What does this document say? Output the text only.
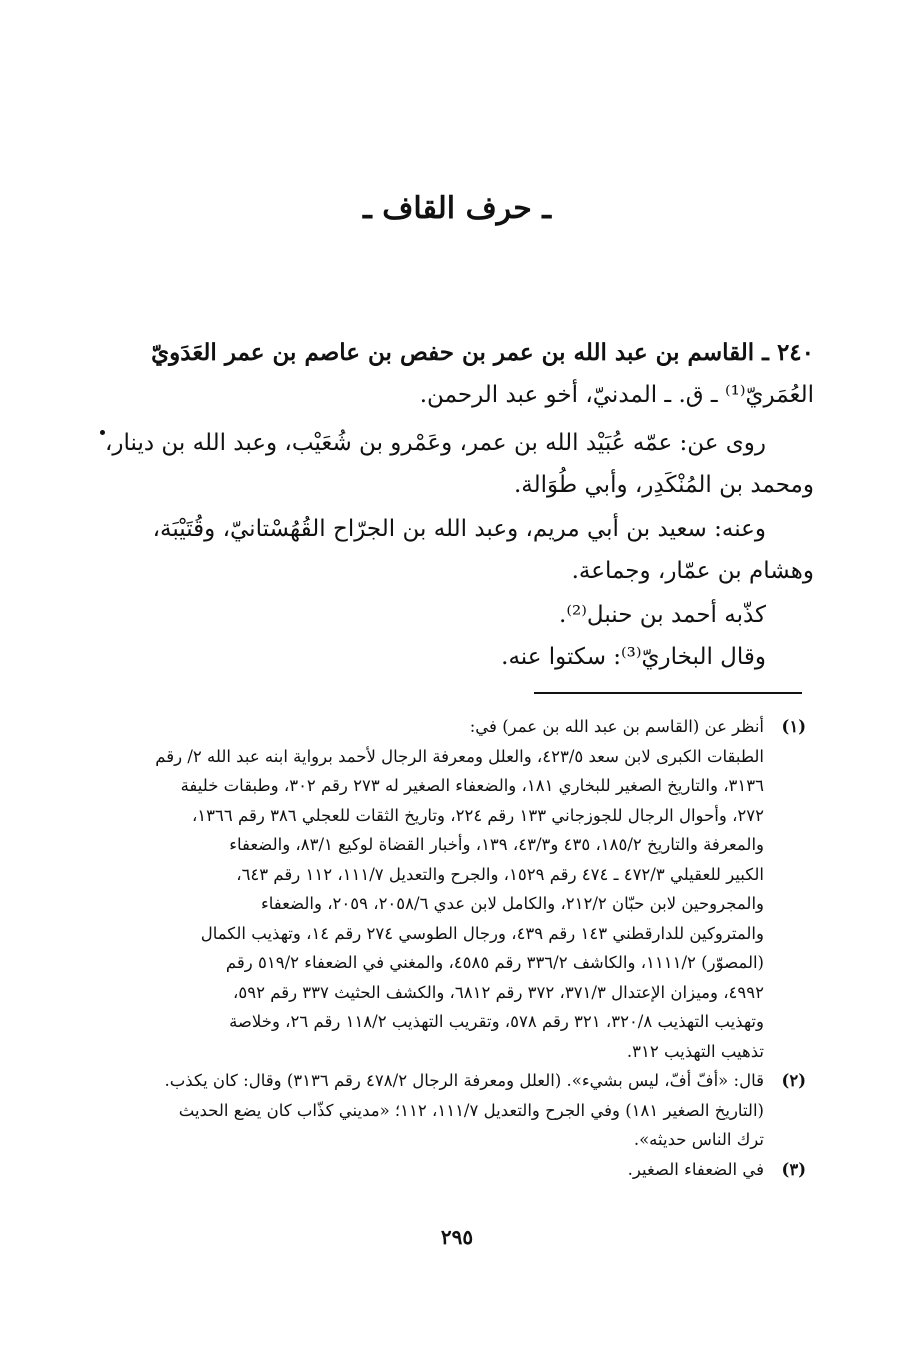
ـ حرف القاف ـ
٢٤٠ ـ القاسم بن عبد الله بن عمر بن حفص بن عاصم بن عمر العَدَويّ
العُمَريّ⁽¹⁾ ـ ق. ـ المدنيّ، أخو عبد الرحمن.
روى عن: عمّه عُبَيْد الله بن عمر، وعَمْرو بن شُعَيْب، وعبد الله بن دينار،
ومحمد بن المُنْكَدِر، وأبي طُوَالة.
وعنه: سعيد بن أبي مريم، وعبد الله بن الجرّاح القُهُسْتانيّ، وقُتَيْبَة،
وهشام بن عمّار، وجماعة.
كذّبه أحمد بن حنبل⁽²⁾.
وقال البخاريّ⁽³⁾: سكتوا عنه.
(١)
أنظر عن (القاسم بن عبد الله بن عمر) في:
الطبقات الكبرى لابن سعد ٤٢٣/٥، والعلل ومعرفة الرجال لأحمد برواية ابنه عبد الله ٢/ رقم
٣١٣٦، والتاريخ الصغير للبخاري ١٨١، والضعفاء الصغير له ٢٧٣ رقم ٣٠٢، وطبقات خليفة
٢٧٢، وأحوال الرجال للجوزجاني ١٣٣ رقم ٢٢٤، وتاريخ الثقات للعجلي ٣٨٦ رقم ١٣٦٦،
والمعرفة والتاريخ ١٨٥/٢، ٤٣٥ و٤٣/٣، ١٣٩، وأخبار القضاة لوكيع ٨٣/١، والضعفاء
الكبير للعقيلي ٤٧٢/٣ ـ ٤٧٤ رقم ١٥٢٩، والجرح والتعديل ١١١/٧، ١١٢ رقم ٦٤٣،
والمجروحين لابن حبّان ٢١٢/٢، والكامل لابن عدي ٢٠٥٨/٦، ٢٠٥٩، والضعفاء
والمتروكين للدارقطني ١٤٣ رقم ٤٣٩، ورجال الطوسي ٢٧٤ رقم ١٤، وتهذيب الكمال
(المصوّر) ١١١١/٢، والكاشف ٣٣٦/٢ رقم ٤٥٨٥، والمغني في الضعفاء ٥١٩/٢ رقم
٤٩٩٢، وميزان الإعتدال ٣٧١/٣، ٣٧٢ رقم ٦٨١٢، والكشف الحثيث ٣٣٧ رقم ٥٩٢،
وتهذيب التهذيب ٣٢٠/٨، ٣٢١ رقم ٥٧٨، وتقريب التهذيب ١١٨/٢ رقم ٢٦، وخلاصة
تذهيب التهذيب ٣١٢.
(٢)
قال: «أفّ أفّ، ليس بشيء». (العلل ومعرفة الرجال ٤٧٨/٢ رقم ٣١٣٦) وقال: كان يكذب.
(التاريخ الصغير ١٨١) وفي الجرح والتعديل ١١١/٧، ١١٢؛ «مديني كذّاب كان يضع الحديث
ترك الناس حديثه».
(٣)
في الضعفاء الصغير.
٢٩٥
